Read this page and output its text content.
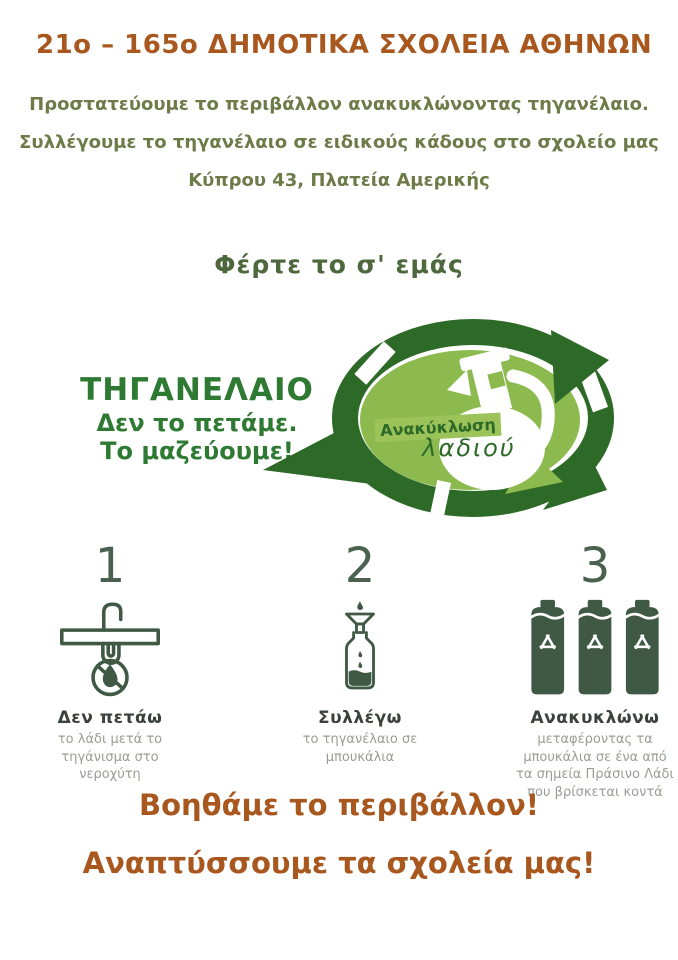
21ο – 165ο ΔΗΜΟΤΙΚΑ ΣΧΟΛΕΙΑ ΑΘΗΝΩΝ
Προστατεύουμε το περιβάλλον ανακυκλώνοντας τηγανέλαιο.
Συλλέγουμε το τηγανέλαιο σε ειδικούς κάδους στο σχολείο μας
Κύπρου 43, Πλατεία Αμερικής
Φέρτε το σ' εμάς
ΤΗΓΑΝΕΛΑΙΟ
Δεν το πετάμε.
Το μαζεύουμε!
Ανακύκλωση
λαδιού
1
Δεν πετάω
το λάδι μετά το τηγάνισμα στο νεροχύτη
2
Συλλέγω
το τηγανέλαιο σε μπουκάλια
3
Ανακυκλώνω
μεταφέροντας τα μπουκάλια σε ένα από τα σημεία Πράσινο Λάδι που βρίσκεται κοντά
Βοηθάμε το περιβάλλον!
Αναπτύσσουμε τα σχολεία μας!
